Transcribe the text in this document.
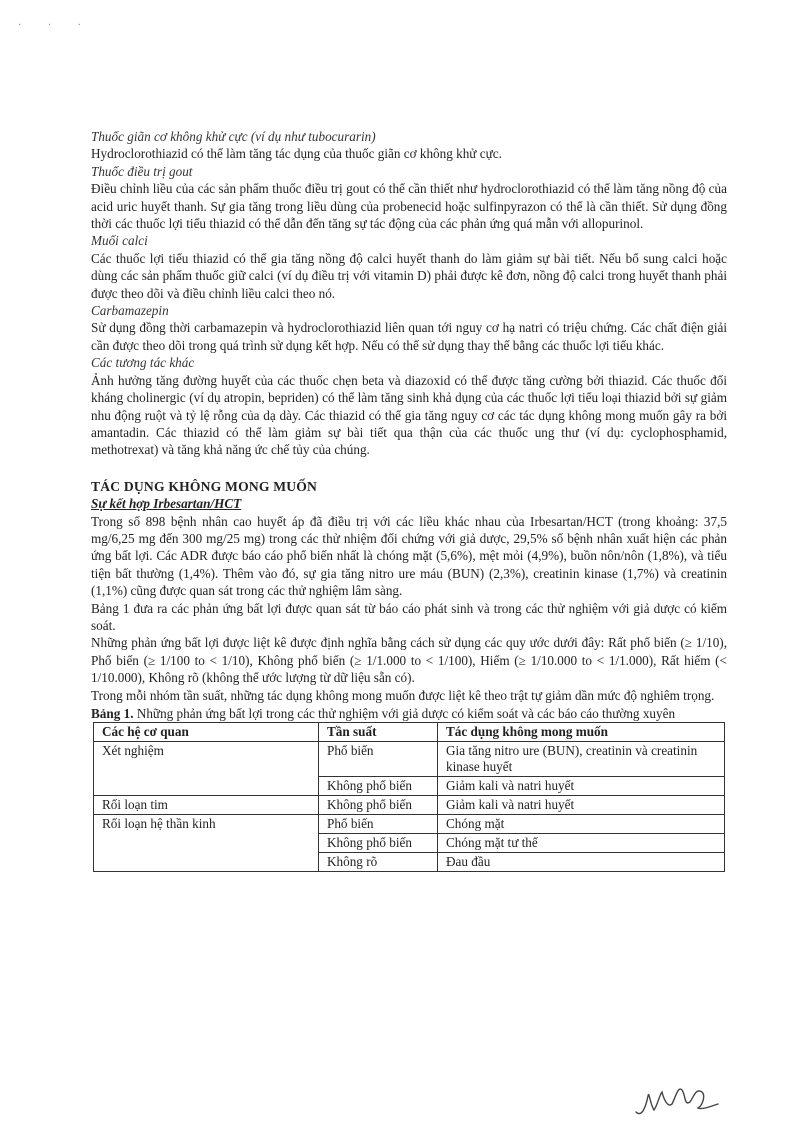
· · ·

Thuốc giãn cơ không khử cực (ví dụ như tubocurarin)

Hydroclorothiazid có thể làm tăng tác dụng của thuốc giãn cơ không khử cực.

Thuốc điều trị gout

Điều chỉnh liều của các sản phẩm thuốc điều trị gout có thể cần thiết như hydroclorothiazid có thể làm tăng nồng độ của acid uric huyết thanh. Sự gia tăng trong liều dùng của probenecid hoặc sulfinpyrazon có thể là cần thiết. Sử dụng đồng thời các thuốc lợi tiểu thiazid có thể dẫn đến tăng sự tác động của các phản ứng quá mẫn với allopurinol.

Muối calci

Các thuốc lợi tiểu thiazid có thể gia tăng nồng độ calci huyết thanh do làm giảm sự bài tiết. Nếu bổ sung calci hoặc dùng các sản phẩm thuốc giữ calci (ví dụ điều trị với vitamin D) phải được kê đơn, nồng độ calci trong huyết thanh phải được theo dõi và điều chỉnh liều calci theo nó.

Carbamazepin

Sử dụng đồng thời carbamazepin và hydroclorothiazid liên quan tới nguy cơ hạ natri có triệu chứng. Các chất điện giải cần được theo dõi trong quá trình sử dụng kết hợp. Nếu có thể sử dụng thay thế bằng các thuốc lợi tiểu khác.

Các tương tác khác

Ảnh hưởng tăng đường huyết của các thuốc chẹn beta và diazoxid có thể được tăng cường bởi thiazid. Các thuốc đối kháng cholinergic (ví dụ atropin, bepriden) có thể làm tăng sinh khả dụng của các thuốc lợi tiểu loại thiazid bởi sự giảm nhu động ruột và tỷ lệ rỗng của dạ dày. Các thiazid có thể gia tăng nguy cơ các tác dụng không mong muốn gây ra bởi amantadin. Các thiazid có thể làm giảm sự bài tiết qua thận của các thuốc ung thư (ví dụ: cyclophosphamid, methotrexat) và tăng khả năng ức chế tủy của chúng.

TÁC DỤNG KHÔNG MONG MUỐN

Sự kết hợp Irbesartan/HCT

Trong số 898 bệnh nhân cao huyết áp đã điều trị với các liều khác nhau của Irbesartan/HCT (trong khoảng: 37,5 mg/6,25 mg đến 300 mg/25 mg) trong các thử nhiệm đối chứng với giả dược, 29,5% số bệnh nhân xuất hiện các phản ứng bất lợi. Các ADR được báo cáo phổ biến nhất là chóng mặt (5,6%), mệt mỏi (4,9%), buồn nôn/nôn (1,8%), và tiểu tiện bất thường (1,4%). Thêm vào đó, sự gia tăng nitro ure máu (BUN) (2,3%), creatinin kinase (1,7%) và creatinin (1,1%) cũng được quan sát trong các thử nghiệm lâm sàng.

Bảng 1 đưa ra các phản ứng bất lợi được quan sát từ báo cáo phát sinh và trong các thử nghiệm với giả dược có kiểm soát.

Những phản ứng bất lợi được liệt kê được định nghĩa bằng cách sử dụng các quy ước dưới đây: Rất phổ biến (≥ 1/10), Phổ biến (≥ 1/100 to < 1/10), Không phổ biến (≥ 1/1.000 to < 1/100), Hiếm (≥ 1/10.000 to < 1/1.000), Rất hiếm (< 1/10.000), Không rõ (không thể ước lượng từ dữ liệu sẵn có).

Trong mỗi nhóm tần suất, những tác dụng không mong muốn được liệt kê theo trật tự giảm dần mức độ nghiêm trọng.

Bảng 1. Những phản ứng bất lợi trong các thử nghiệm với giả dược có kiểm soát và các báo cáo thường xuyên

Các hệ cơ quan	Tần suất	Tác dụng không mong muốn
Xét nghiệm	Phổ biến	Gia tăng nitro ure (BUN), creatinin và creatinin kinase huyết
	Không phổ biến	Giảm kali và natri huyết
Rối loạn tim	Không phổ biến	Giảm kali và natri huyết
Rối loạn hệ thần kinh	Phổ biến	Chóng mặt
	Không phổ biến	Chóng mặt tư thế
	Không rõ	Đau đầu
